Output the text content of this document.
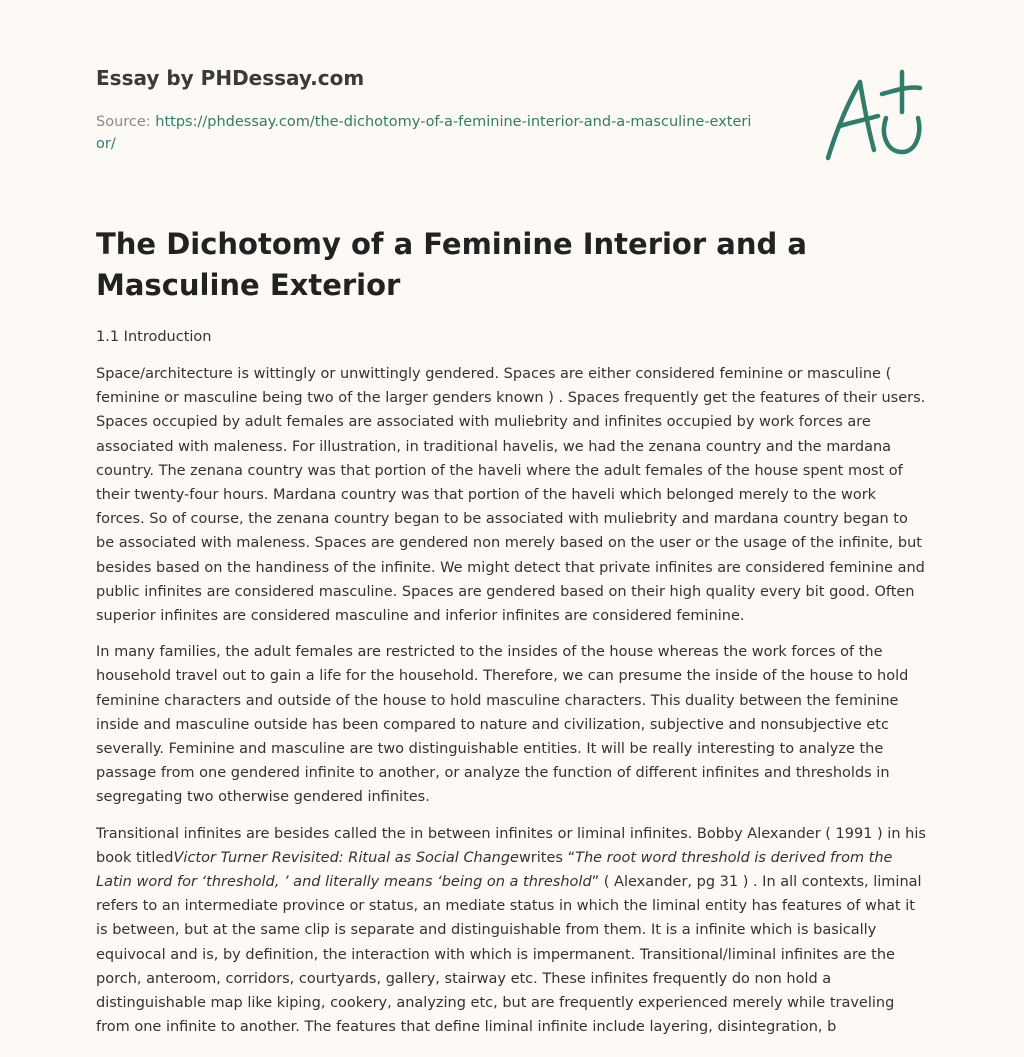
Essay by PHDessay.com

Source: https://phdessay.com/the-dichotomy-of-a-feminine-interior-and-a-masculine-exterior/
The Dichotomy of a Feminine Interior and a Masculine Exterior

1.1 Introduction

Space/architecture is wittingly or unwittingly gendered. Spaces are either considered feminine or masculine ( feminine or masculine being two of the larger genders known ) . Spaces frequently get the features of their users. Spaces occupied by adult females are associated with muliebrity and infinites occupied by work forces are associated with maleness. For illustration, in traditional havelis, we had the zenana country and the mardana country. The zenana country was that portion of the haveli where the adult females of the house spent most of their twenty-four hours. Mardana country was that portion of the haveli which belonged merely to the work forces. So of course, the zenana country began to be associated with muliebrity and mardana country began to be associated with maleness. Spaces are gendered non merely based on the user or the usage of the infinite, but besides based on the handiness of the infinite. We might detect that private infinites are considered feminine and public infinites are considered masculine. Spaces are gendered based on their high quality every bit good. Often superior infinites are considered masculine and inferior infinites are considered feminine.

In many families, the adult females are restricted to the insides of the house whereas the work forces of the household travel out to gain a life for the household. Therefore, we can presume the inside of the house to hold feminine characters and outside of the house to hold masculine characters. This duality between the feminine inside and masculine outside has been compared to nature and civilization, subjective and nonsubjective etc severally. Feminine and masculine are two distinguishable entities. It will be really interesting to analyze the passage from one gendered infinite to another, or analyze the function of different infinites and thresholds in segregating two otherwise gendered infinites.

Transitional infinites are besides called the in between infinites or liminal infinites. Bobby Alexander ( 1991 ) in his book titledVictor Turner Revisited: Ritual as Social Changewrites “The root word threshold is derived from the Latin word for ‘threshold, ’ and literally means ‘being on a threshold” ( Alexander, pg 31 ) . In all contexts, liminal refers to an intermediate province or status, an mediate status in which the liminal entity has features of what it is between, but at the same clip is separate and distinguishable from them. It is a infinite which is basically equivocal and is, by definition, the interaction with which is impermanent. Transitional/liminal infinites are the porch, anteroom, corridors, courtyards, gallery, stairway etc. These infinites frequently do non hold a distinguishable map like kiping, cookery, analyzing etc, but are frequently experienced merely while traveling from one infinite to another. The features that define liminal infinite include layering, disintegration, b
